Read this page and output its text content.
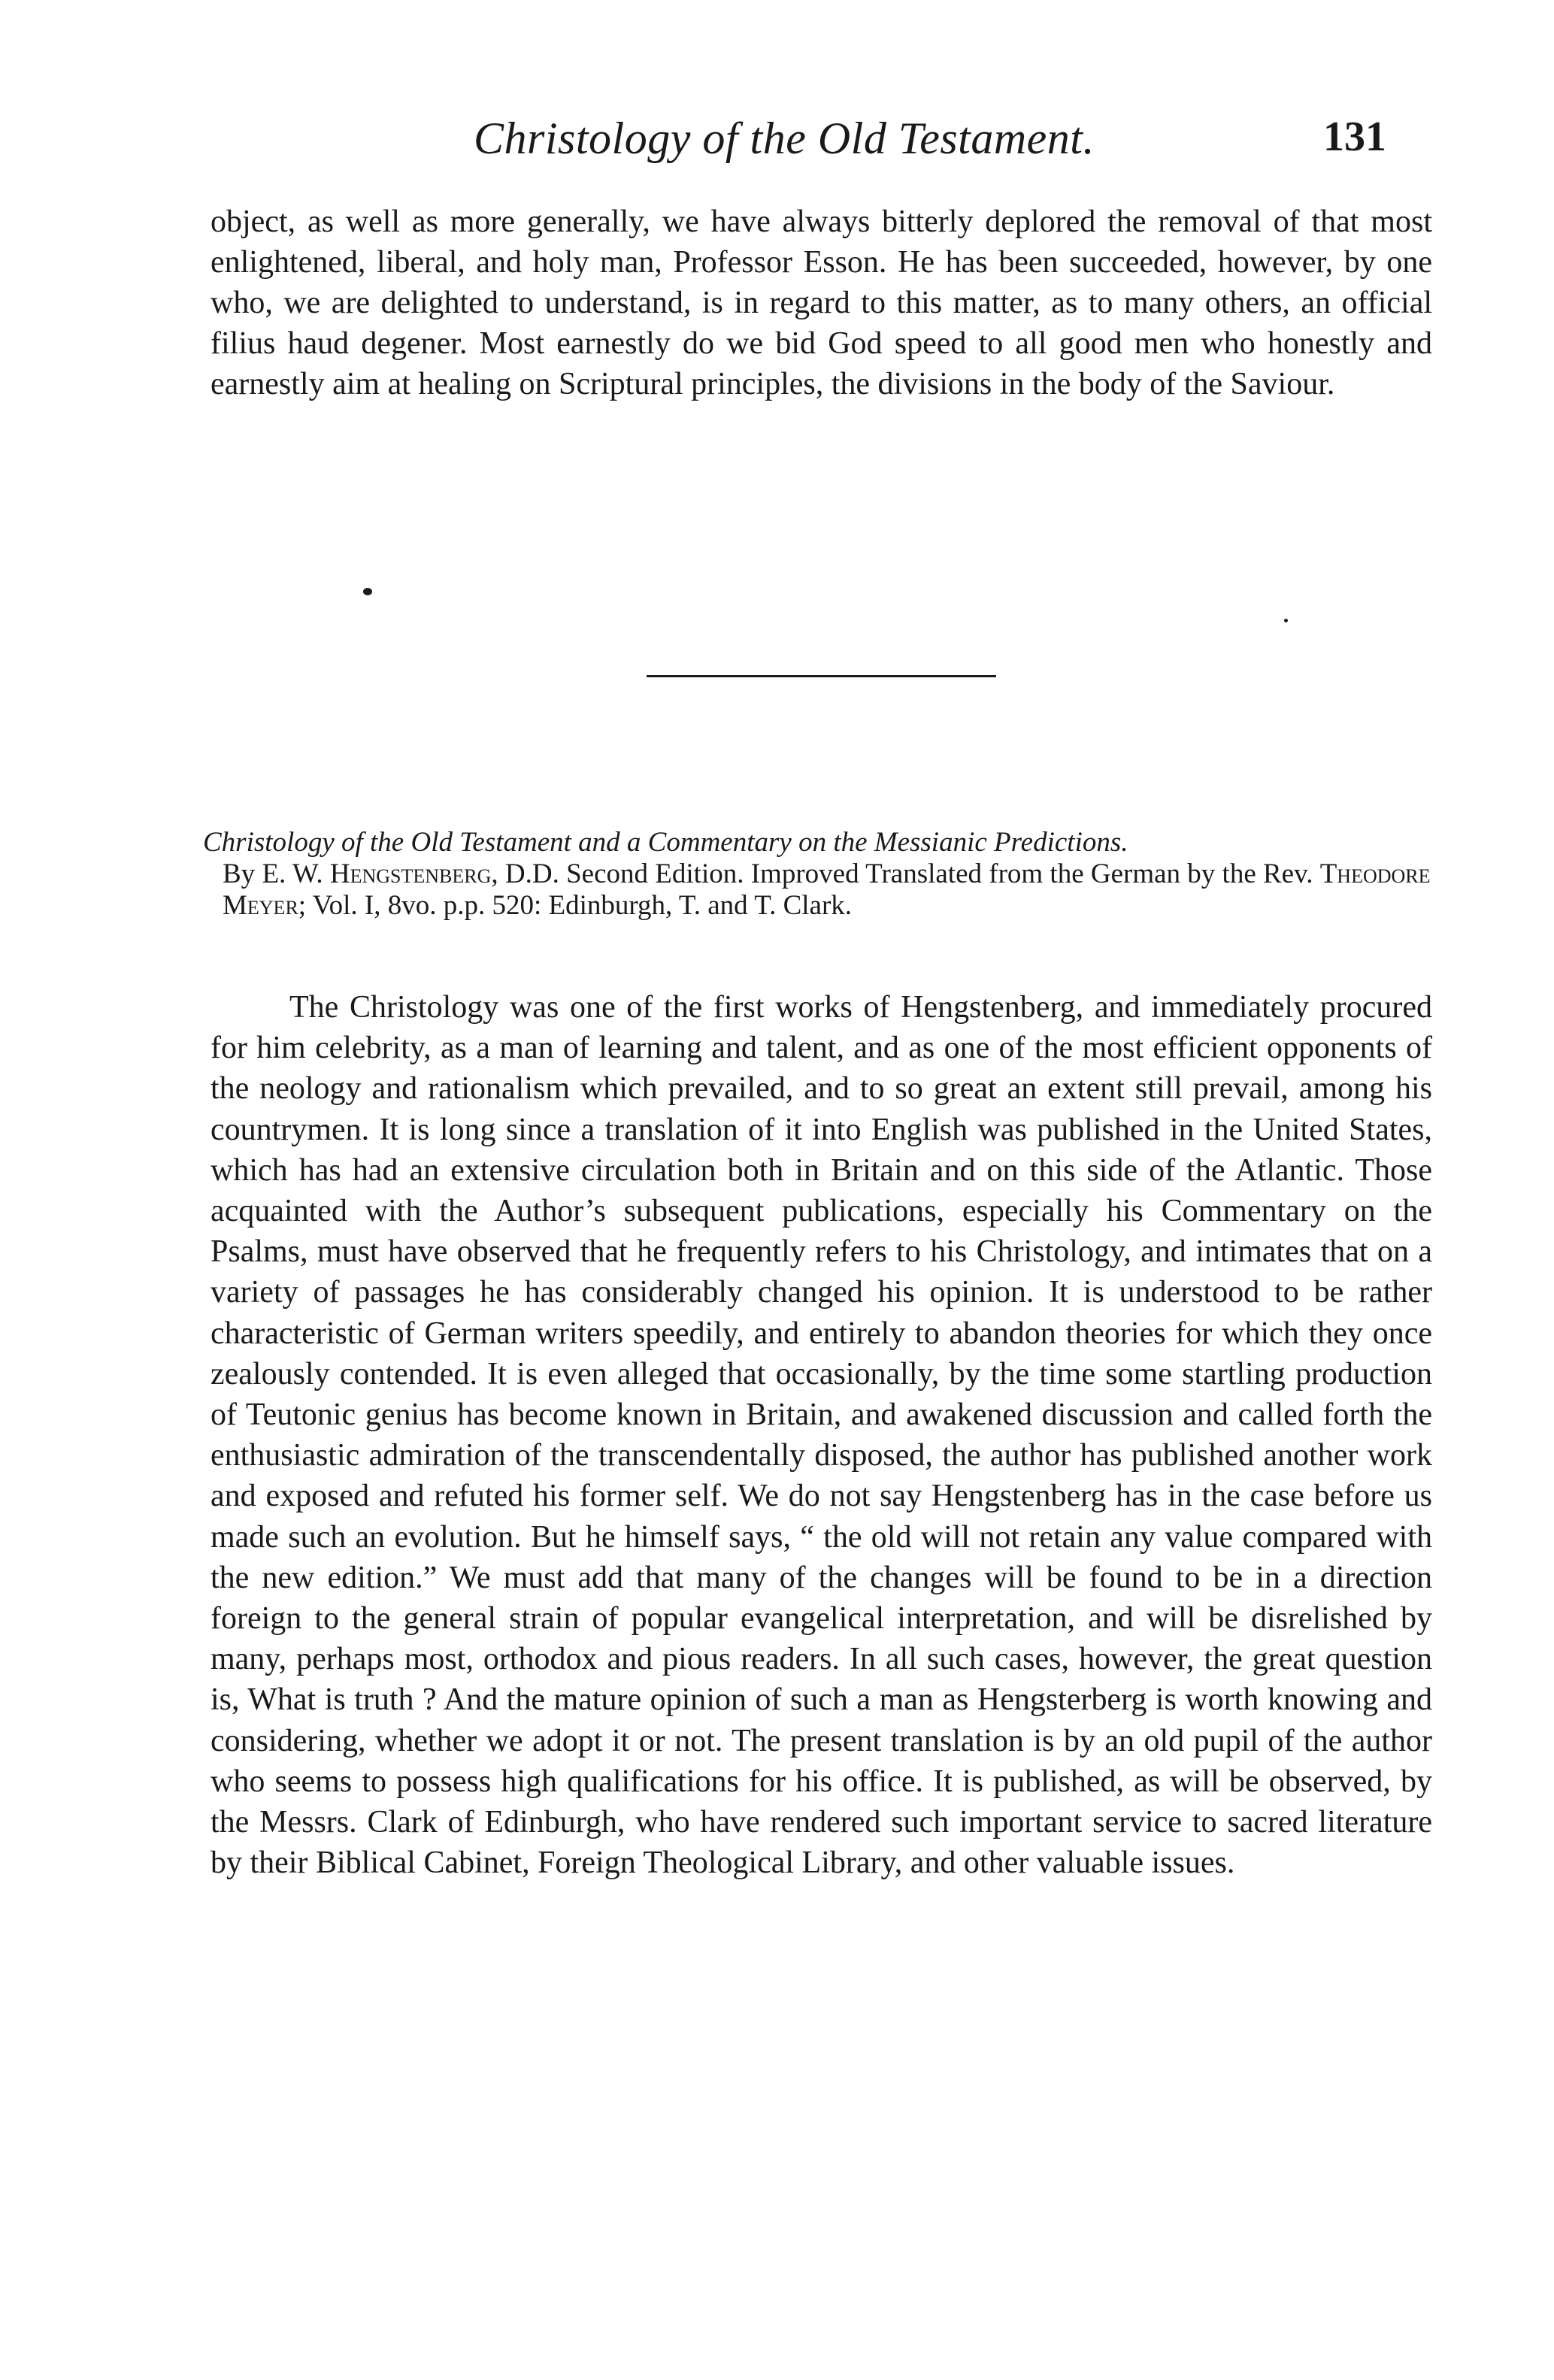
Christology of the Old Testament.	131

object, as well as more generally, we have always bitterly deplored the removal of that most enlightened, liberal, and holy man, Professor Esson. He has been succeeded, however, by one who, we are delighted to understand, is in regard to this matter, as to many others, an official filius haud degener. Most earnestly do we bid God speed to all good men who honestly and earnestly aim at healing on Scriptural principles, the divisions in the body of the Saviour.

Christology of the Old Testament and a Commentary on the Messianic Predictions.
By E. W. Hengstenberg, D.D. Second Edition. Improved Translated from the German by the Rev. Theodore Meyer; Vol. I, 8vo. p.p. 520: Edinburgh, T. and T. Clark.

The Christology was one of the first works of Hengstenberg, and immediately procured for him celebrity, as a man of learning and talent, and as one of the most efficient opponents of the neology and rationalism which prevailed, and to so great an extent still prevail, among his countrymen. It is long since a translation of it into English was published in the United States, which has had an extensive circulation both in Britain and on this side of the Atlantic. Those acquainted with the Author’s subsequent publications, especially his Commentary on the Psalms, must have observed that he frequently refers to his Christology, and intimates that on a variety of passages he has considerably changed his opinion. It is understood to be rather characteristic of German writers speedily, and entirely to abandon theories for which they once zealously contended. It is even alleged that occasionally, by the time some startling production of Teutonic genius has become known in Britain, and awakened discussion and called forth the enthusiastic admiration of the transcendentally disposed, the author has published another work and exposed and refuted his former self. We do not say Hengstenberg has in the case before us made such an evolution. But he himself says, “ the old will not retain any value compared with the new edition.” We must add that many of the changes will be found to be in a direction foreign to the general strain of popular evangelical interpretation, and will be disrelished by many, perhaps most, orthodox and pious readers. In all such cases, however, the great question is, What is truth ? And the mature opinion of such a man as Hengsterberg is worth knowing and considering, whether we adopt it or not. The present translation is by an old pupil of the author who seems to possess high qualifications for his office. It is published, as will be observed, by the Messrs. Clark of Edinburgh, who have rendered such important service to sacred literature by their Biblical Cabinet, Foreign Theological Library, and other valuable issues.
